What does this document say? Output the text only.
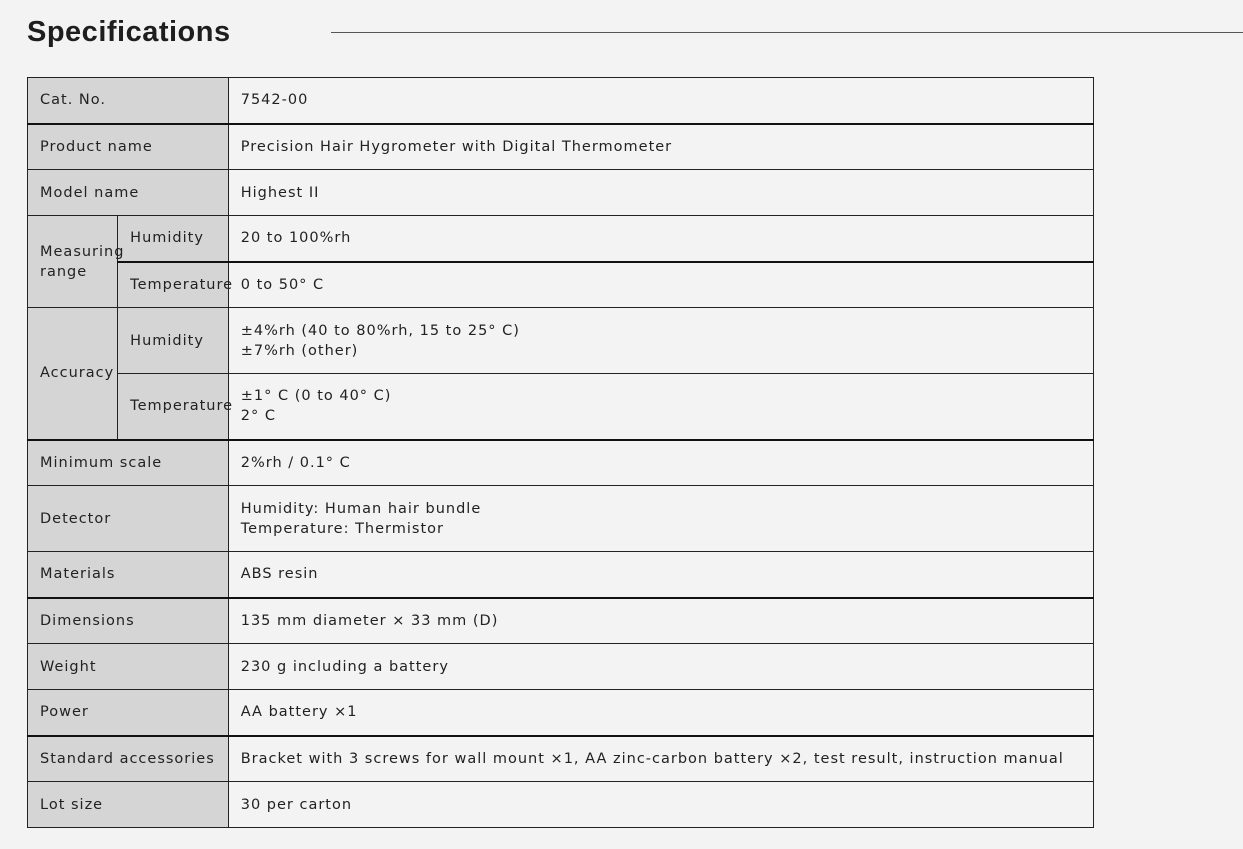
Specifications
Cat. No.		7542-00
Product name		Precision Hair Hygrometer with Digital Thermometer
Model name		Highest II
Measuring range	Humidity	20 to 100%rh
	Temperature	0 to 50° C
Accuracy	Humidity	±4%rh (40 to 80%rh, 15 to 25° C)
±7%rh (other)

	Temperature	±1° C (0 to 40° C)
2° C

Minimum scale		2%rh / 0.1° C
Detector		Humidity: Human hair bundle
Temperature: Thermistor

Materials		ABS resin
Dimensions		135 mm diameter × 33 mm (D)
Weight		230 g including a battery
Power		AA battery ×1
Standard accessories		Bracket with 3 screws for wall mount ×1, AA zinc-carbon battery ×2, test result, instruction manual
Lot size		30 per carton
